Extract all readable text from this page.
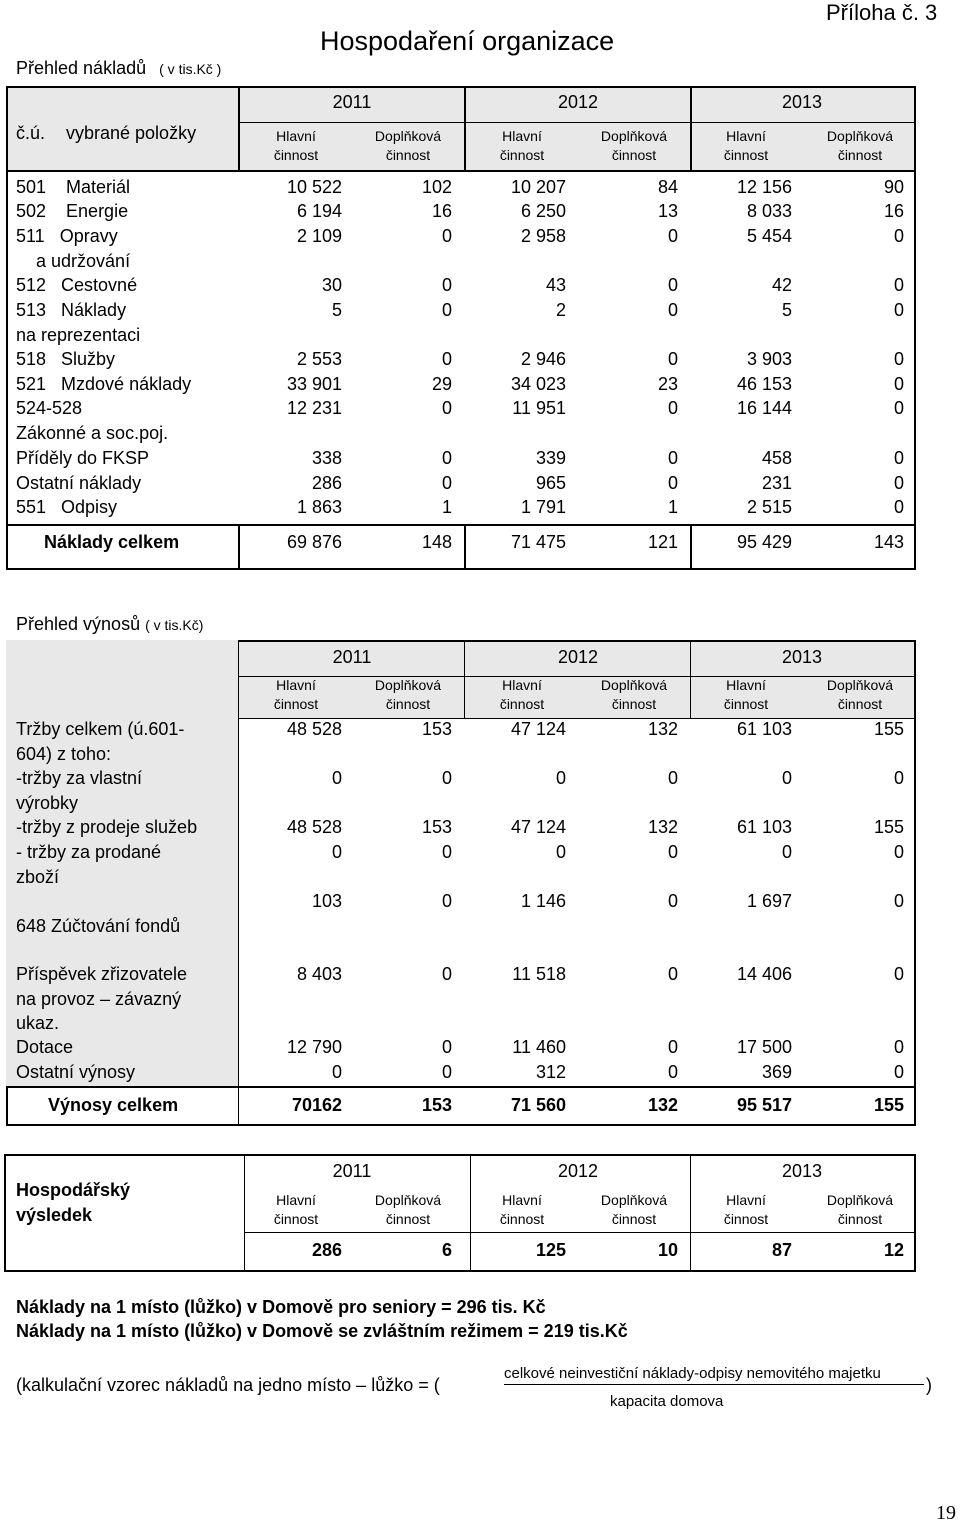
Přehled nákladů ( v tis.Kč )
Hospodaření organizace
Příloha č. 3
č.ú. vybrané položky
2011	2012	2013
Hlavní
činnost
Doplňková
činnost
Hlavní
činnost
Doplňková
činnost
Hlavní
činnost
Doplňková
činnost
501    Materiál	10 522	102	10 207	84	12 156	90
502    Energie	6 194	16	6 250	13	8 033	16
511   Opravy
a udržování
2 109	0	2 958	0	5 454	0
512   Cestovné	30	0	43	0	42	0
513   Náklady
na reprezentaci
5	0	2	0	5	0
518   Služby	2 553	0	2 946	0	3 903	0
521   Mzdové náklady	33 901	29	34 023	23	46 153	0
524-528
Zákonné a soc.poj.
12 231	0	11 951	0	16 144	0
Příděly do FKSP	338	0	339	0	458	0
Ostatní náklady	286	0	965	0	231	0
551   Odpisy	1 863	1	1 791	1	2 515	0
Náklady celkem	69 876	148	71 475	121	95 429	143
Přehled výnosů ( v tis.Kč)
2011	2012	2013
Hlavní
činnost
Doplňková
činnost
Hlavní
činnost
Doplňková
činnost
Hlavní
činnost
Doplňková
činnost
Tržby celkem (ú.601-
604) z toho:
48 528	153	47 124	132	61 103	155
-tržby za vlastní
výrobky
0	0	0	0	0	0
-tržby z prodeje služeb	48 528	153	47 124	132	61 103	155
- tržby za prodané
zboží
0	0	0	0	0	0
648 Zúčtování fondů
103	0	1 146	0	1 697	0
Příspěvek zřizovatele
na provoz – závazný
ukaz.
8 403	0	11 518	0	14 406	0
Dotace	12 790	0	11 460	0	17 500	0
Ostatní výnosy	0	0	312	0	369	0
Výnosy celkem	70162	153	71 560	132	95 517	155
Hospodářský
výsledek
2011	2012	2013
Hlavní
činnost
Doplňková
činnost
Hlavní
činnost
Doplňková
činnost
Hlavní
činnost
Doplňková
činnost
286	6	125	10	87	12
Náklady na 1 místo (lůžko) v Domově pro seniory = 296 tis. Kč
Náklady na 1 místo (lůžko) v Domově se zvláštním režimem = 219 tis.Kč
(kalkulační vzorec nákladů na jedno místo – lůžko = (
celkové neinvestiční náklady-odpisy nemovitého majetku
kapacita domova
)
19
